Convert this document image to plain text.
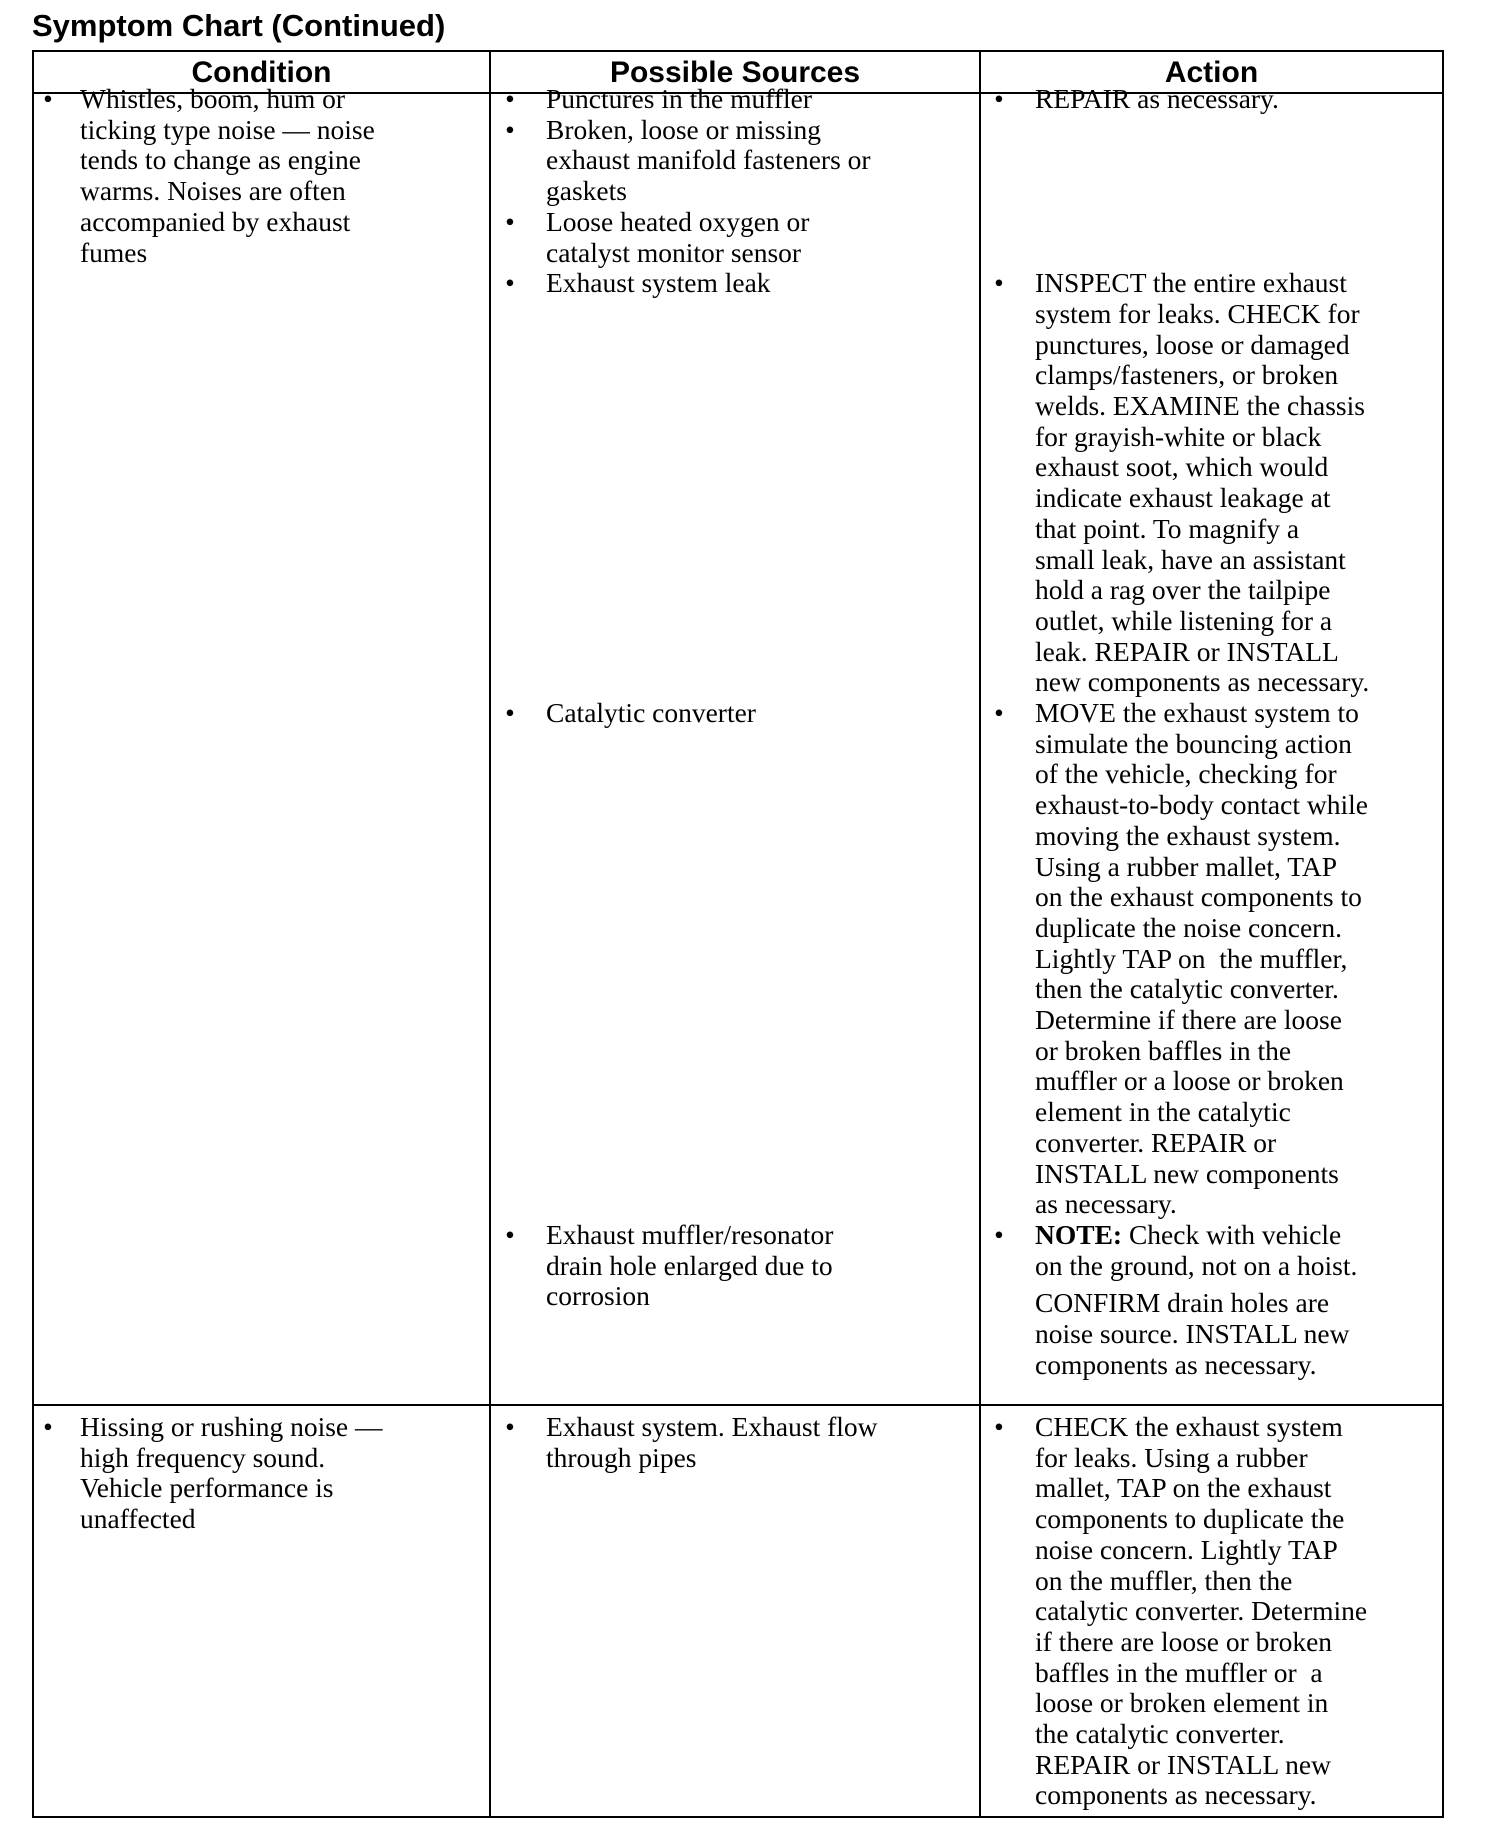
Symptom Chart (Continued)
Condition	Possible Sources	Action
• Whistles, boom, hum or
ticking type noise — noise
tends to change as engine
warms. Noises are often
accompanied by exhaust
fumes
• Punctures in the muffler
• Broken, loose or missing
exhaust manifold fasteners or
gaskets
• Loose heated oxygen or
catalyst monitor sensor
• Exhaust system leak
• Catalytic converter
• Exhaust muffler/resonator
drain hole enlarged due to
corrosion
• REPAIR as necessary.
• INSPECT the entire exhaust
system for leaks. CHECK for
punctures, loose or damaged
clamps/fasteners, or broken
welds. EXAMINE the chassis
for grayish-white or black
exhaust soot, which would
indicate exhaust leakage at
that point. To magnify a
small leak, have an assistant
hold a rag over the tailpipe
outlet, while listening for a
leak. REPAIR or INSTALL
new components as necessary.
• MOVE the exhaust system to
simulate the bouncing action
of the vehicle, checking for
exhaust-to-body contact while
moving the exhaust system.
Using a rubber mallet, TAP
on the exhaust components to
duplicate the noise concern.
Lightly TAP on  the muffler,
then the catalytic converter.
Determine if there are loose
or broken baffles in the
muffler or a loose or broken
element in the catalytic
converter. REPAIR or
INSTALL new components
as necessary.
• NOTE: Check with vehicle
on the ground, not on a hoist.
CONFIRM drain holes are
noise source. INSTALL new
components as necessary.
• Hissing or rushing noise —
high frequency sound.
Vehicle performance is
unaffected
• Exhaust system. Exhaust flow
through pipes
• CHECK the exhaust system
for leaks. Using a rubber
mallet, TAP on the exhaust
components to duplicate the
noise concern. Lightly TAP
on the muffler, then the
catalytic converter. Determine
if there are loose or broken
baffles in the muffler or  a
loose or broken element in
the catalytic converter.
REPAIR or INSTALL new
components as necessary.
